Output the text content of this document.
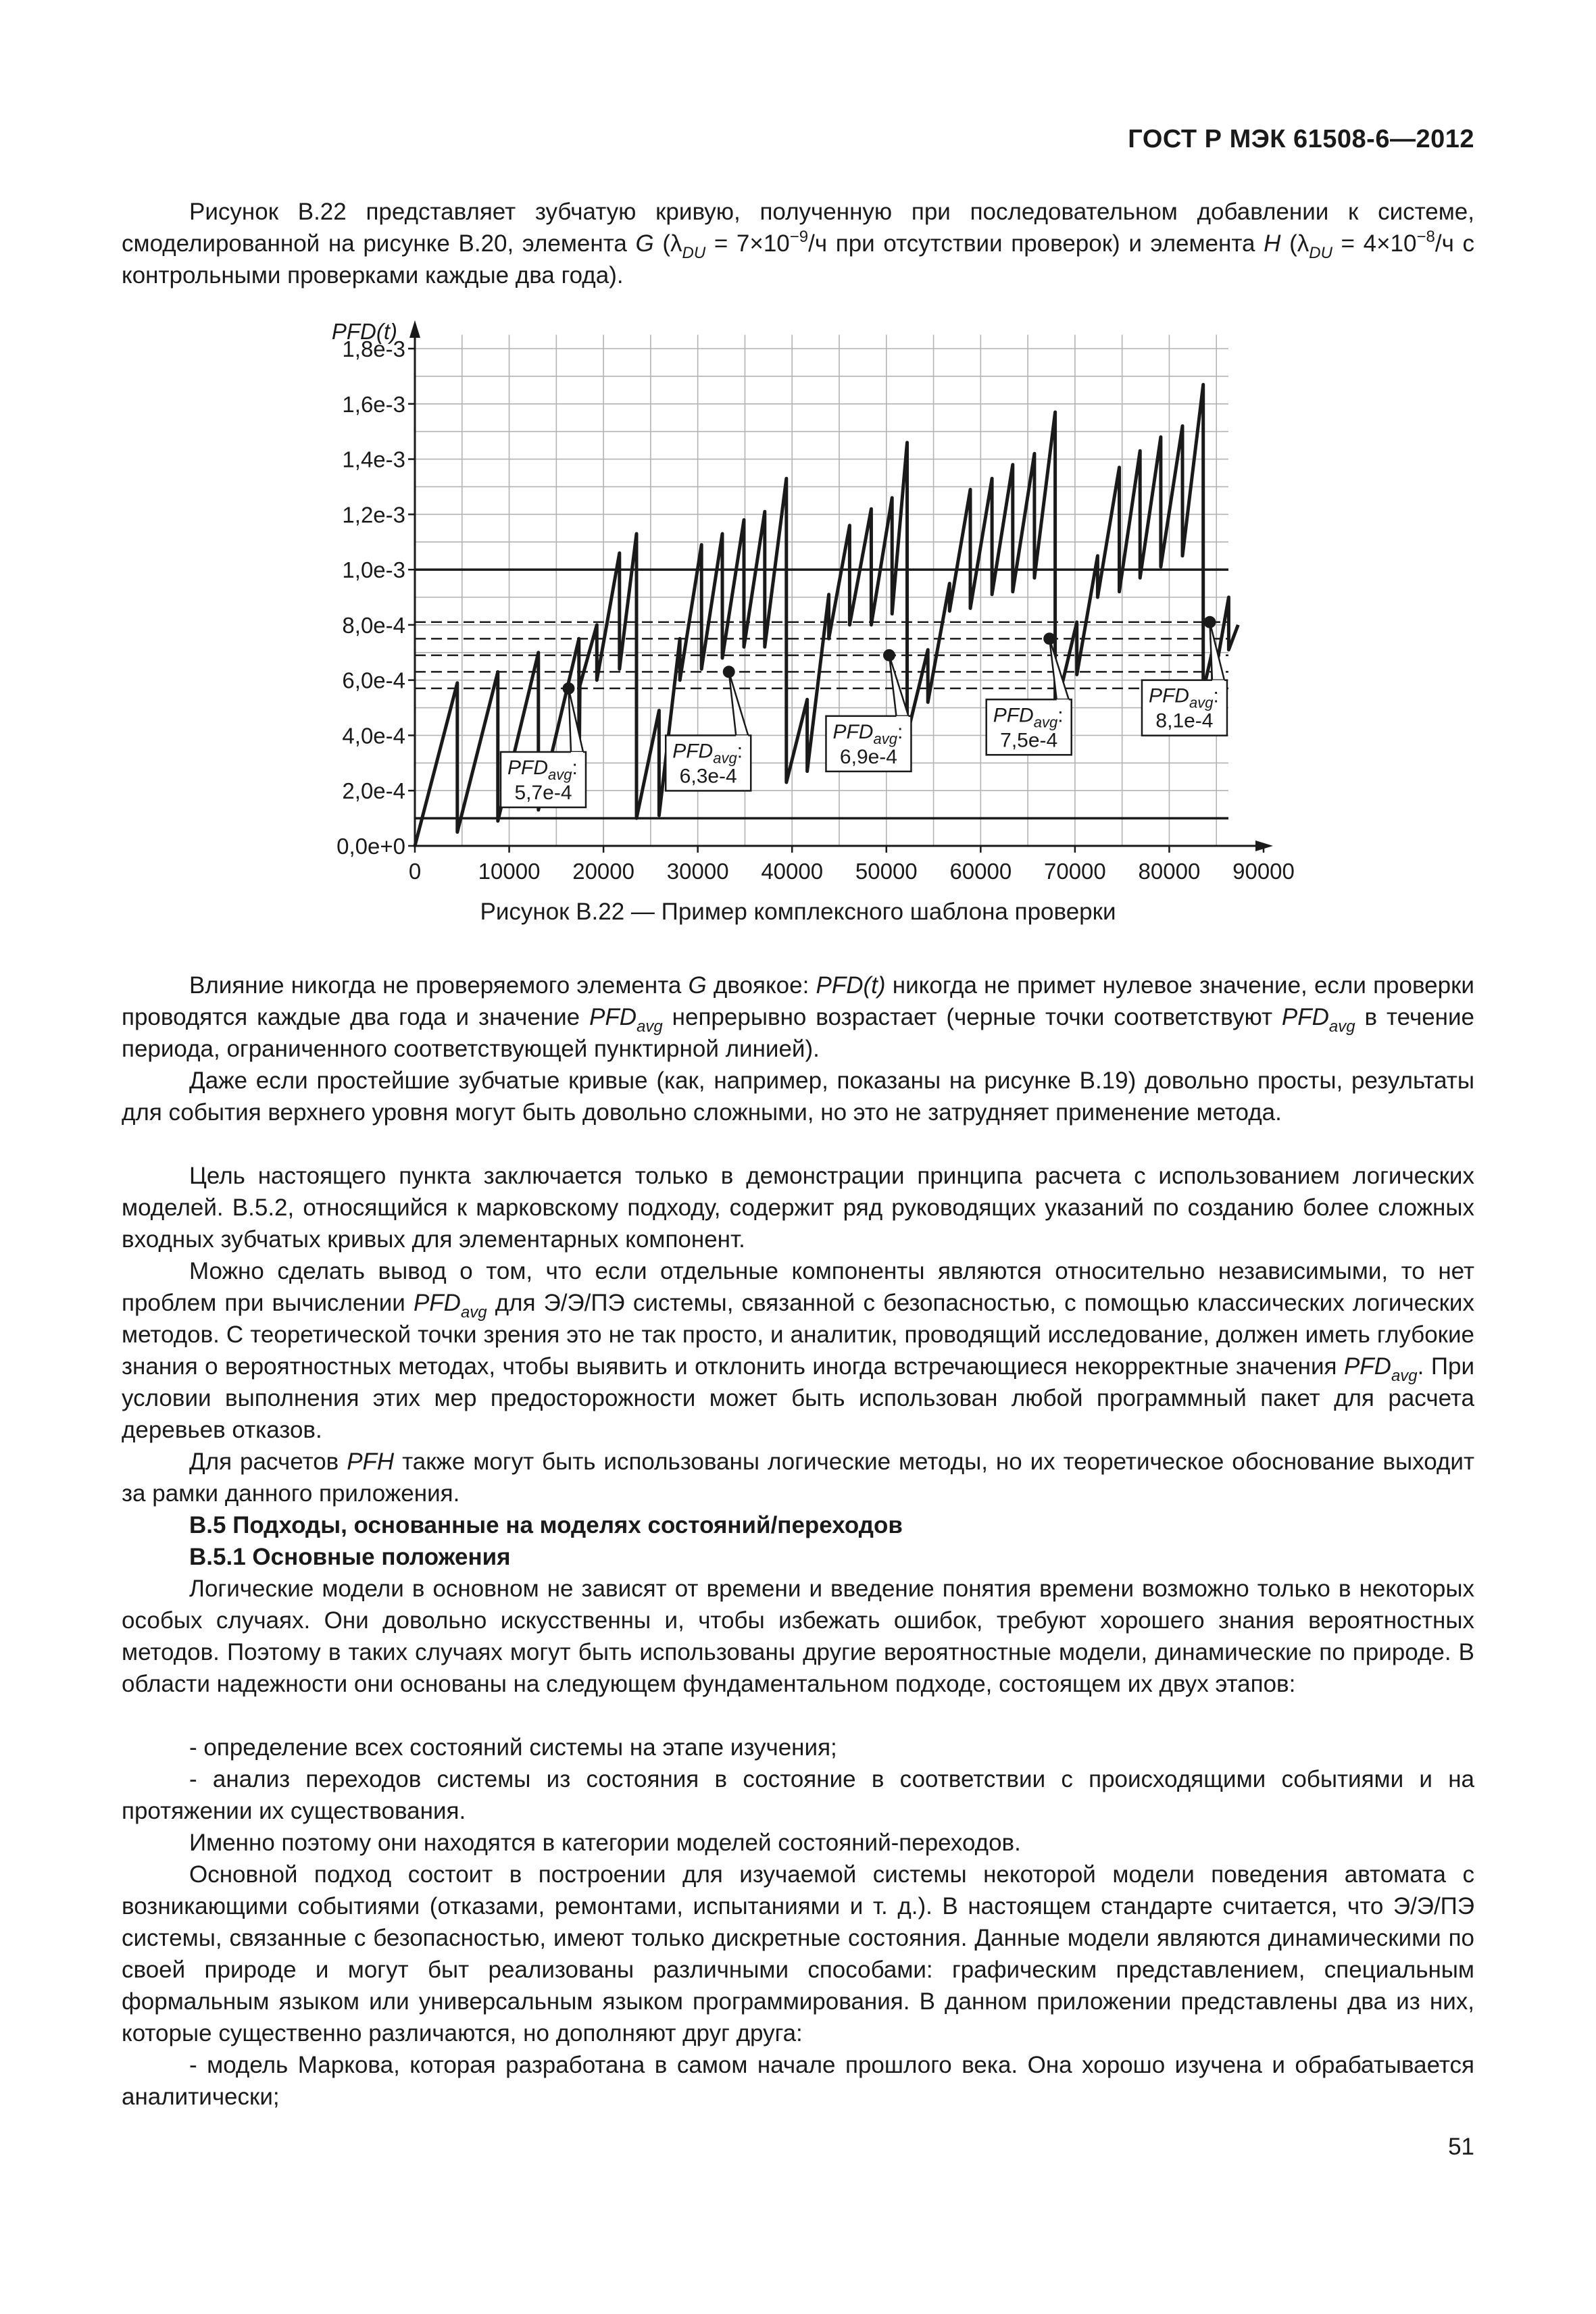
ГОСТ Р МЭК 61508-6—2012
Рисунок В.22 представляет зубчатую кривую, полученную при последовательном добавлении к системе, смоделированной на рисунке В.20, элемента G ($\lambda_{DU} = 7\times 10^{-9}/ч$ при отсутствии проверок) и элемента H ($\lambda_{DU} = 4\times 10^{-8}/ч$ с контрольными проверками каждые два года).
0	10000 20000 30000 40000 50000 60000 70000 80000 90000
0,0e+0
2,0e-4
4,0e-4
6,0e-4
8,0e-4
1,0e-3
1,2e-3
1,4e-3
1,6e-3
1,8e-3
PFD(t)
$PFD_{avg}$:
5,7e-4
$PFD_{avg}$:
6,3e-4
$PFD_{avg}$:
6,9e-4
$PFD_{avg}$:
7,5e-4
$PFD_{avg}$:
8,1e-4
Рисунок В.22 — Пример комплексного шаблона проверки
Влияние никогда не проверяемого элемента G двоякое: PFD(t) никогда не примет нулевое значение, если проверки проводятся каждые два года и значение $PFD_{avg}$ непрерывно возрастает (черные точки соответствуют $PFD_{avg}$ в течение периода, ограниченного соответствующей пунктирной линией).
Даже если простейшие зубчатые кривые (как, например, показаны на рисунке В.19) довольно просты, результаты для события верхнего уровня могут быть довольно сложными, но это не затрудняет применение метода.
Цель настоящего пункта заключается только в демонстрации принципа расчета с использованием логических моделей. В.5.2, относящийся к марковскому подходу, содержит ряд руководящих указаний по созданию более сложных входных зубчатых кривых для элементарных компонент.
Можно сделать вывод о том, что если отдельные компоненты являются относительно независимыми, то нет проблем при вычислении $PFD_{avg}$ для Э/Э/ПЭ системы, связанной с безопасностью, с помощью классических логических методов. С теоретической точки зрения это не так просто, и аналитик, проводящий исследование, должен иметь глубокие знания о вероятностных методах, чтобы выявить и отклонить иногда встречающиеся некорректные значения $PFD_{avg}$. При условии выполнения этих мер предосторожности может быть использован любой программный пакет для расчета деревьев отказов.
Для расчетов PFH также могут быть использованы логические методы, но их теоретическое обоснование выходит за рамки данного приложения.
В.5 Подходы, основанные на моделях состояний/переходов
В.5.1 Основные положения
Логические модели в основном не зависят от времени и введение понятия времени возможно только в некоторых особых случаях. Они довольно искусственны и, чтобы избежать ошибок, требуют хорошего знания вероятностных методов. Поэтому в таких случаях могут быть использованы другие вероятностные модели, динамические по природе. В области надежности они основаны на следующем фундаментальном подходе, состоящем их двух этапов:
- определение всех состояний системы на этапе изучения;
- анализ переходов системы из состояния в состояние в соответствии с происходящими событиями и на протяжении их существования.
Именно поэтому они находятся в категории моделей состояний-переходов.
Основной подход состоит в построении для изучаемой системы некоторой модели поведения автомата с возникающими событиями (отказами, ремонтами, испытаниями и т. д.). В настоящем стандарте считается, что Э/Э/ПЭ системы, связанные с безопасностью, имеют только дискретные состояния. Данные модели являются динамическими по своей природе и могут быт реализованы различными способами: графическим представлением, специальным формальным языком или универсальным языком программирования. В данном приложении представлены два из них, которые существенно различаются, но дополняют друг друга:
- модель Маркова, которая разработана в самом начале прошлого века. Она хорошо изучена и обрабатывается аналитически;
51
